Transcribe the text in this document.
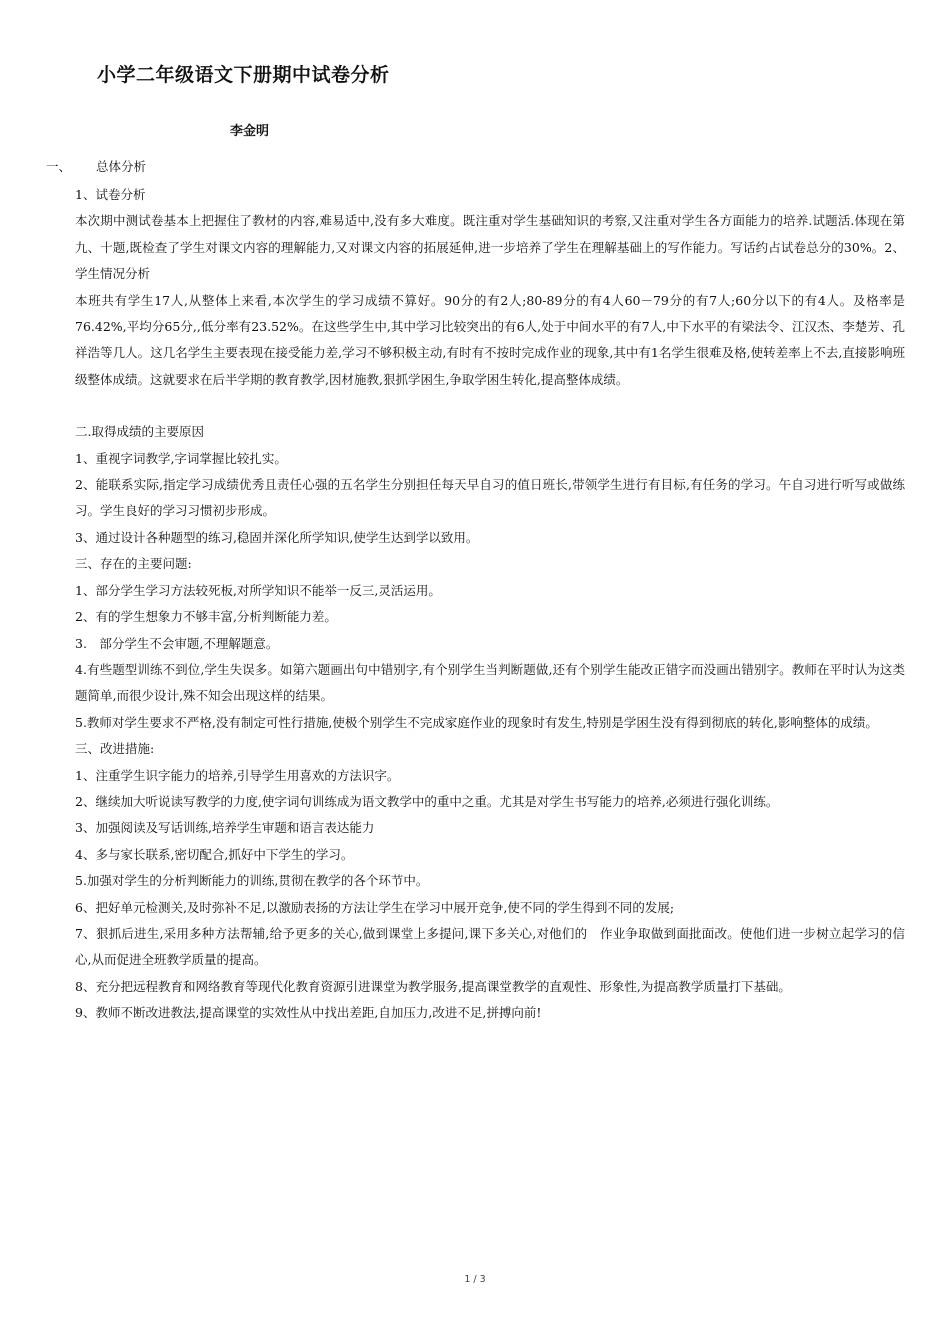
小学二年级语文下册期中试卷分析
李金明
一、 总体分析

1、试卷分析

本次期中测试卷基本上把握住了教材的内容,难易适中,没有多大难度。既注重对学生基础知识的考察,又注重对学生各方面能力的培养.试题活.体现在第九、十题,既检查了学生对课文内容的理解能力,又对课文内容的拓展延伸,进一步培养了学生在理解基础上的写作能力。写话约占试卷总分的30%。2、学生情况分析

本班共有学生17人,从整体上来看,本次学生的学习成绩不算好。90分的有2人;80-89分的有4人60－79分的有7人;60分以下的有4人。及格率是76.42%,平均分65分,,低分率有23.52%。在这些学生中,其中学习比较突出的有6人,处于中间水平的有7人,中下水平的有梁法令、江汉杰、李楚芳、孔祥浩等几人。这几名学生主要表现在接受能力差,学习不够积极主动,有时有不按时完成作业的现象,其中有1名学生很难及格,使转差率上不去,直接影响班级整体成绩。这就要求在后半学期的教育教学,因材施教,狠抓学困生,争取学困生转化,提高整体成绩。

二.取得成绩的主要原因

1、重视字词教学,字词掌握比较扎实。

2、能联系实际,指定学习成绩优秀且责任心强的五名学生分别担任每天早自习的值日班长,带领学生进行有目标,有任务的学习。午自习进行听写或做练习。学生良好的学习习惯初步形成。

3、通过设计各种题型的练习,稳固并深化所学知识,使学生达到学以致用。

三、存在的主要问题:

1、部分学生学习方法较死板,对所学知识不能举一反三,灵活运用。

2、有的学生想象力不够丰富,分析判断能力差。

3.　部分学生不会审题,不理解题意。

4.有些题型训练不到位,学生失误多。如第六题画出句中错别字,有个别学生当判断题做,还有个别学生能改正错字而没画出错别字。教师在平时认为这类题简单,而很少设计,殊不知会出现这样的结果。

5.教师对学生要求不严格,没有制定可性行措施,使极个别学生不完成家庭作业的现象时有发生,特别是学困生没有得到彻底的转化,影响整体的成绩。

三、改进措施:

1、注重学生识字能力的培养,引导学生用喜欢的方法识字。

2、继续加大听说读写教学的力度,使字词句训练成为语文教学中的重中之重。尤其是对学生书写能力的培养,必须进行强化训练。

3、加强阅读及写话训练,培养学生审题和语言表达能力

4、多与家长联系,密切配合,抓好中下学生的学习。

5.加强对学生的分析判断能力的训练,贯彻在教学的各个环节中。

6、把好单元检测关,及时弥补不足,以激励表扬的方法让学生在学习中展开竞争,使不同的学生得到不同的发展;

7、狠抓后进生,采用多种方法帮辅,给予更多的关心,做到课堂上多提问,课下多关心,对他们的　作业争取做到面批面改。使他们进一步树立起学习的信心,从而促进全班教学质量的提高。

8、充分把远程教育和网络教育等现代化教育资源引进课堂为教学服务,提高课堂教学的直观性、形象性,为提高教学质量打下基础。

9、教师不断改进教法,提高课堂的实效性从中找出差距,自加压力,改进不足,拼搏向前!

1 / 3
